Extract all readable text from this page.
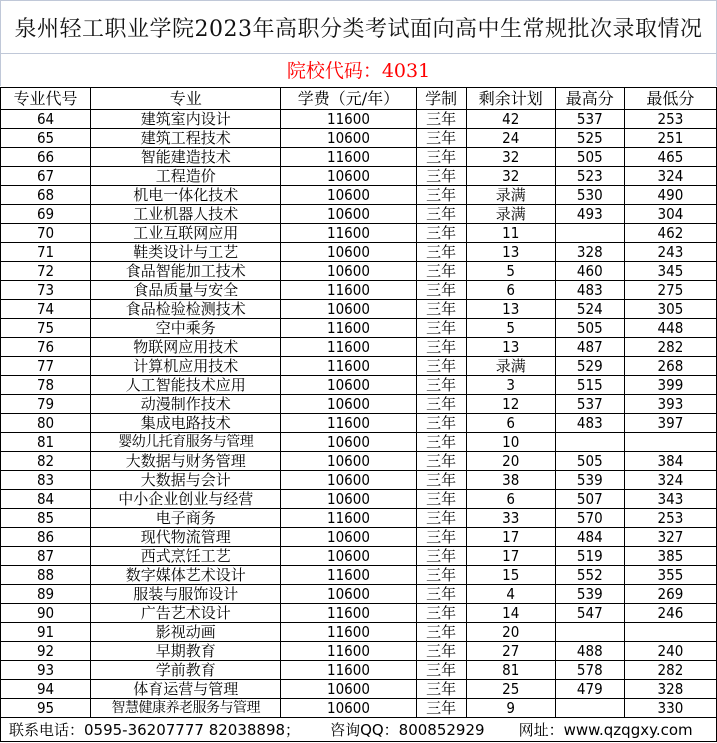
泉州轻工职业学院2023年高职分类考试面向高中生常规批次录取情况
院校代码：4031
专业代号	专业	学费（元/年）	学制	剩余计划	最高分	最低分
64	建筑室内设计	11600	三年	42	537	253
65	建筑工程技术	10600	三年	24	525	251
66	智能建造技术	11600	三年	32	505	465
67	工程造价	10600	三年	32	523	324
68	机电一体化技术	10600	三年	录满	530	490
69	工业机器人技术	10600	三年	录满	493	304
70	工业互联网应用	11600	三年	11		462
71	鞋类设计与工艺	10600	三年	13	328	243
72	食品智能加工技术	10600	三年	5	460	345
73	食品质量与安全	11600	三年	6	483	275
74	食品检验检测技术	10600	三年	13	524	305
75	空中乘务	11600	三年	5	505	448
76	物联网应用技术	11600	三年	13	487	282
77	计算机应用技术	11600	三年	录满	529	268
78	人工智能技术应用	10600	三年	3	515	399
79	动漫制作技术	10600	三年	12	537	393
80	集成电路技术	11600	三年	6	483	397
81	婴幼儿托育服务与管理	10600	三年	10		
82	大数据与财务管理	10600	三年	20	505	384
83	大数据与会计	10600	三年	38	539	324
84	中小企业创业与经营	10600	三年	6	507	343
85	电子商务	11600	三年	33	570	253
86	现代物流管理	10600	三年	17	484	327
87	西式烹饪工艺	10600	三年	17	519	385
88	数字媒体艺术设计	11600	三年	15	552	355
89	服装与服饰设计	10600	三年	4	539	269
90	广告艺术设计	11600	三年	14	547	246
91	影视动画	11600	三年	20		
92	早期教育	11600	三年	27	488	240
93	学前教育	11600	三年	81	578	282
94	体育运营与管理	10600	三年	25	479	328
95	智慧健康养老服务与管理	10600	三年	9		330
联系电话：0595-36207777 82038898； 咨询QQ：800852929 网址：www.qzqgxy.com
